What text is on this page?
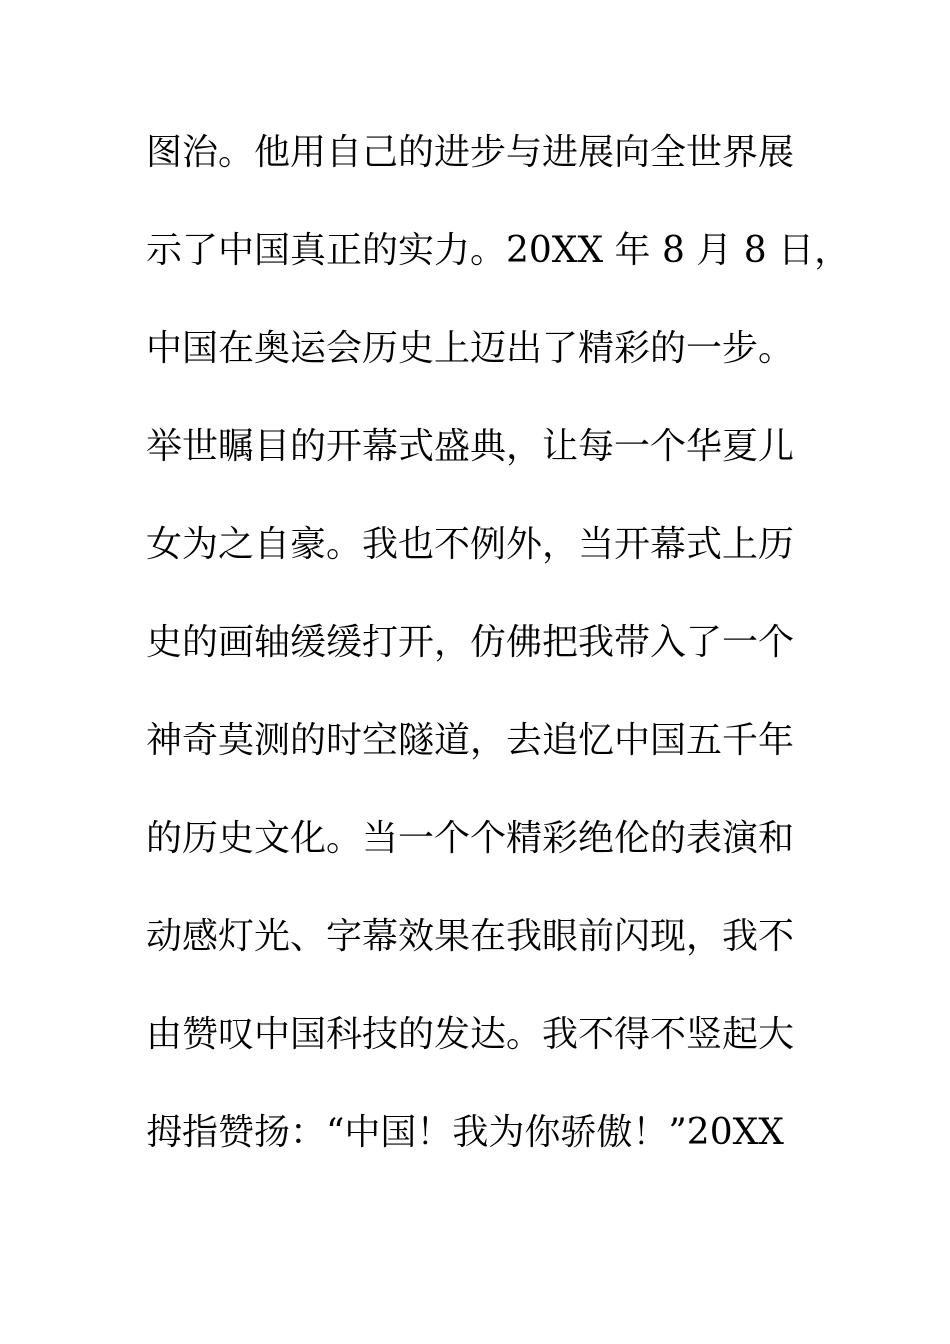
图治。他用自己的进步与进展向全世界展
示了中国真正的实力。20XX 年 8 月 8 日，
中国在奥运会历史上迈出了精彩的一步。
举世瞩目的开幕式盛典，让每一个华夏儿
女为之自豪。我也不例外，当开幕式上历
史的画轴缓缓打开，仿佛把我带入了一个
神奇莫测的时空隧道，去追忆中国五千年
的历史文化。当一个个精彩绝伦的表演和
动感灯光、字幕效果在我眼前闪现，我不
由赞叹中国科技的发达。我不得不竖起大
拇指赞扬：“中国！我为你骄傲！”20XX
